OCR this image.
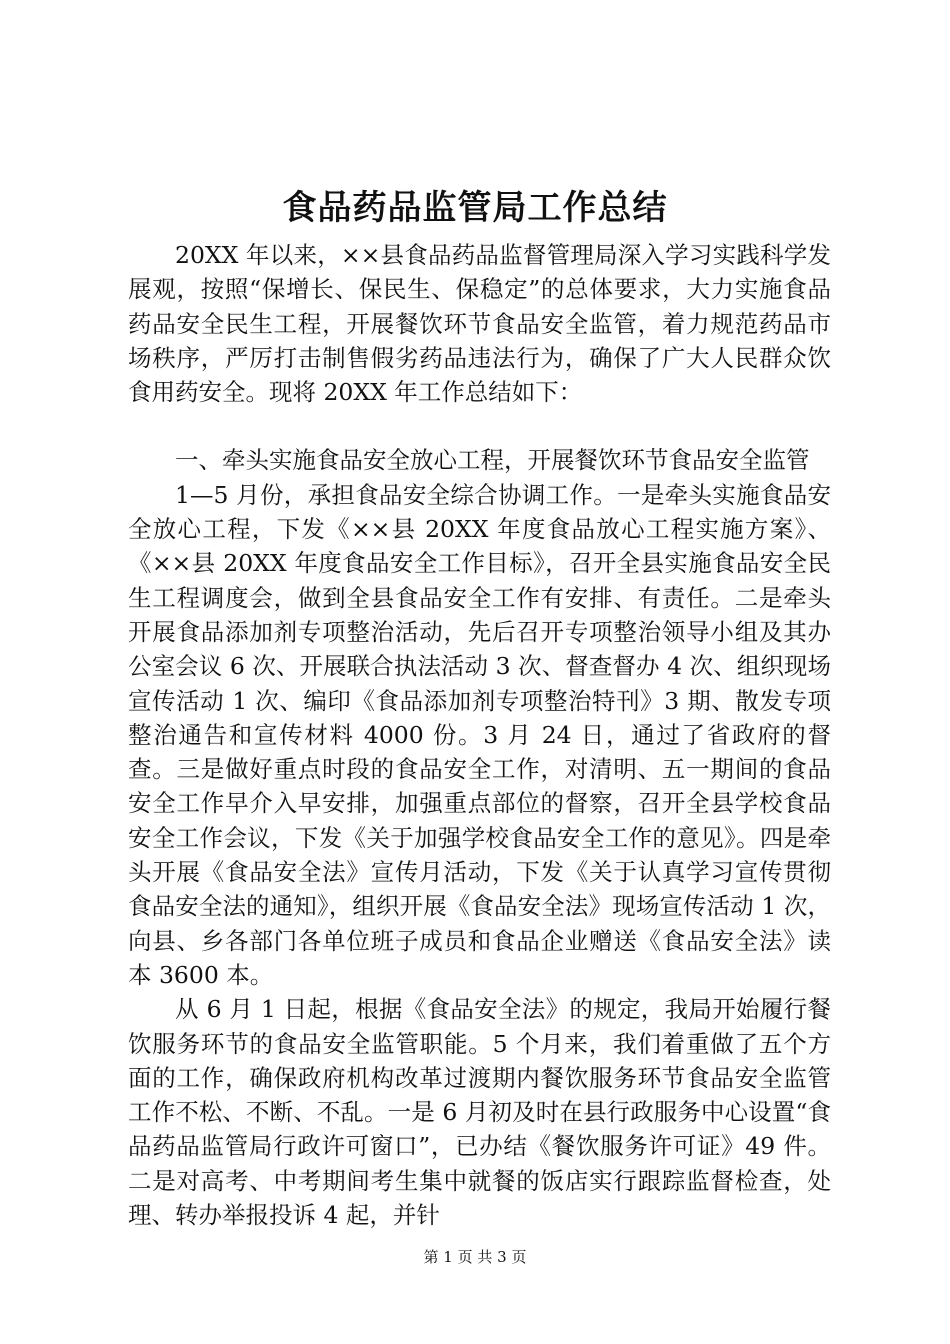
食品药品监管局工作总结

20XX 年以来，××县食品药品监督管理局深入学习实践科学发展观，按照“保增长、保民生、保稳定”的总体要求，大力实施食品药品安全民生工程，开展餐饮环节食品安全监管，着力规范药品市场秩序，严厉打击制售假劣药品违法行为，确保了广大人民群众饮食用药安全。现将 20XX 年工作总结如下：

一、牵头实施食品安全放心工程，开展餐饮环节食品安全监管

1—5 月份，承担食品安全综合协调工作。一是牵头实施食品安全放心工程，下发《××县 20XX 年度食品放心工程实施方案》、《××县 20XX 年度食品安全工作目标》，召开全县实施食品安全民生工程调度会，做到全县食品安全工作有安排、有责任。二是牵头开展食品添加剂专项整治活动，先后召开专项整治领导小组及其办公室会议 6 次、开展联合执法活动 3 次、督查督办 4 次、组织现场宣传活动 1 次、编印《食品添加剂专项整治特刊》3 期、散发专项整治通告和宣传材料 4000 份。3 月 24 日，通过了省政府的督查。三是做好重点时段的食品安全工作，对清明、五一期间的食品安全工作早介入早安排，加强重点部位的督察，召开全县学校食品安全工作会议，下发《关于加强学校食品安全工作的意见》。四是牵头开展《食品安全法》宣传月活动，下发《关于认真学习宣传贯彻食品安全法的通知》，组织开展《食品安全法》现场宣传活动 1 次，向县、乡各部门各单位班子成员和食品企业赠送《食品安全法》读本 3600 本。

从 6 月 1 日起，根据《食品安全法》的规定，我局开始履行餐饮服务环节的食品安全监管职能。5 个月来，我们着重做了五个方面的工作，确保政府机构改革过渡期内餐饮服务环节食品安全监管工作不松、不断、不乱。一是 6 月初及时在县行政服务中心设置“食品药品监管局行政许可窗口”，已办结《餐饮服务许可证》49 件。二是对高考、中考期间考生集中就餐的饭店实行跟踪监督检查，处理、转办举报投诉 4 起，并针

第 1 页 共 3 页
